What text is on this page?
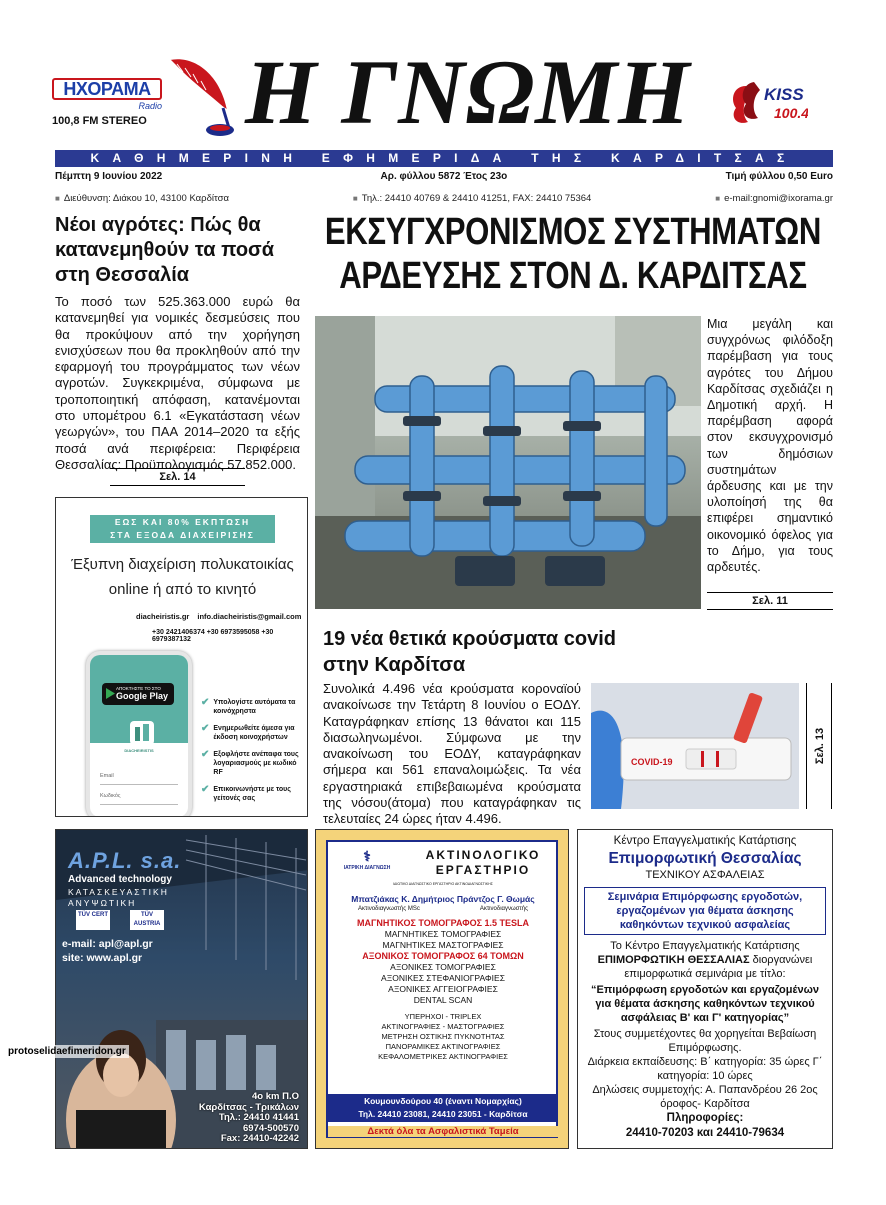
ΗΧΟΡΑΜΑ
Radio
100,8 FM STEREO Η ΓΝΩΜΗ	KISS
100.4
ΚΑΘΗΜΕΡΙΝΗ ΕΦΗΜΕΡΙΔΑ ΤΗΣ ΚΑΡΔΙΤΣΑΣ
Πέμπτη 9 Ιουνίου 2022	Αρ. φύλλου 5872 Έτος 23ο	Τιμή φύλλου 0,50 Euro
■ Διεύθυνση: Διάκου 10, 43100 Καρδίτσα	■ Τηλ.: 24410 40769 & 24410 41251, FAX: 24410 75364	■ e-mail:gnomi@ixorama.gr
Νέοι αγρότες: Πώς θα κατανεμηθούν τα ποσά στη Θεσσαλία
Το ποσό των 525.363.000 ευρώ θα κατανεμηθεί για νομικές δεσμεύσεις που θα προκύψουν από την χορήγηση ενισχύσεων που θα προκληθούν από την εφαρμογή του προγράμματος των νέων αγροτών. Συγκεκριμένα, σύμφωνα με τροποποιητική απόφαση, κατανέμονται στο υπομέτρου 6.1 «Εγκατάσταση νέων γεωργών», του ΠΑΑ 2014–2020 τα εξής ποσά ανά περιφέρεια: Περιφέρεια Θεσσαλίας: Προϋπολογισμός 57.852.000.
Σελ. 14
ΕΚΣΥΓΧΡΟΝΙΣΜΟΣ ΣΥΣΤΗΜΑΤΩΝ
ΑΡΔΕΥΣΗΣ ΣΤΟΝ Δ. ΚΑΡΔΙΤΣΑΣ
Μια μεγάλη και συγχρόνως φιλόδοξη παρέμβαση για τους αγρότες του Δήμου Καρδίτσας σχεδιάζει η Δημοτική αρχή. Η παρέμβαση αφορά στον εκσυγχρονισμό των δημόσιων συστημάτων άρδευσης και με την υλοποίησή της θα επιφέρει σημαντικό οικονομικό όφελος για το Δήμο, για τους αρδευτές.
Σελ. 11
ΕΩΣ ΚΑΙ 80% ΕΚΠΤΩΣΗ
ΣΤΑ ΕΞΟΔΑ ΔΙΑΧΕΙΡΙΣΗΣ
Έξυπνη διαχείριση πολυκατοικίας
online ή από το κινητό
diacheiristis.gr info.diacheiristis@gmail.com
+30 2421406374 +30 6973595058 +30 6979387132
ΑΠΟΚΤΗΣΤΕ ΤΟ ΣΤΟ
Google Play
DIACHEIRISTIS
Email
Κωδικός
✔ Υπολογίστε αυτόματα τα κοινόχρηστα
✔ Ενημερωθείτε άμεσα για έκδοση κοινοχρήστων
✔ Εξοφλήστε ανέπαφα τους λογαριασμούς με κωδικό RF
✔ Επικοινωνήστε με τους γείτονές σας
19 νέα θετικά κρούσματα covid στην Καρδίτσα
Συνολικά 4.496 νέα κρούσματα κοροναϊού ανακοίνωσε την Τετάρτη 8 Ιουνίου ο ΕΟΔΥ. Καταγράφηκαν επίσης 13 θάνατοι και 115 διασωληνωμένοι. Σύμφωνα με την ανακοίνωση του ΕΟΔΥ, καταγράφηκαν σήμερα και 561 επαναλοιμώξεις. Τα νέα εργαστηριακά επιβεβαιωμένα κρούσματα της νόσου(άτομα) που καταγράφηκαν τις τελευταίες 24 ώρες ήταν 4.496.
COVID-19	Σελ. 13
A.P.L. s.a.
Advanced technology
ΚΑΤΑΣΚΕΥΑΣΤΙΚΗ ΑΝΥΨΩΤΙΚΗ
TÜV CERT	TÜV AUSTRIA
e-mail: apl@apl.gr
site: www.apl.gr
4o km Π.Ο
Καρδίτσας - Τρικάλων
Τηλ.: 24410 41441
6974-500570
Fax: 24410-42242
⚕
ΙΑΤΡΙΚΗ ΔΙΑΓΝΩΣΗ
ΑΚΤΙΝΟΛΟΓΙΚΟ
ΕΡΓΑΣΤΗΡΙΟ
ΙΔΙΩΤΙΚΟ ΔΙΑΓΝΩΣΤΙΚΟ ΕΡΓΑΣΤΗΡΙΟ ΑΚΤΙΝΟΔΙΑΓΝΩΣΤΙΚΗΣ
Μπατζιάκας Κ. Δημήτριος Πράντζος Γ. Θωμάς
Ακτινοδιαγνωστής MSc	Ακτινοδιαγνωστής
ΜΑΓΝΗΤΙΚΟΣ ΤΟΜΟΓΡΑΦΟΣ 1.5 TESLA
ΜΑΓΝΗΤΙΚΕΣ ΤΟΜΟΓΡΑΦΙΕΣ
ΜΑΓΝΗΤΙΚΕΣ ΜΑΣΤΟΓΡΑΦΙΕΣ
ΑΞΟΝΙΚΟΣ ΤΟΜΟΓΡΑΦΟΣ 64 ΤΟΜΩΝ
ΑΞΟΝΙΚΕΣ ΤΟΜΟΓΡΑΦΙΕΣ
ΑΞΟΝΙΚΕΣ ΣΤΕΦΑΝΙΟΓΡΑΦΙΕΣ
ΑΞΟΝΙΚΕΣ ΑΓΓΕΙΟΓΡΑΦΙΕΣ
DENTAL SCAN
ΥΠΕΡΗΧΟΙ - TRIPLEX
ΑΚΤΙΝΟΓΡΑΦΙΕΣ - ΜΑΣΤΟΓΡΑΦΙΕΣ
ΜΕΤΡΗΣΗ ΟΣΤΙΚΗΣ ΠΥΚΝΟΤΗΤΑΣ
ΠΑΝΟΡΑΜΙΚΕΣ ΑΚΤΙΝΟΓΡΑΦΙΕΣ
ΚΕΦΑΛΟΜΕΤΡΙΚΕΣ ΑΚΤΙΝΟΓΡΑΦΙΕΣ
Κουμουνδούρου 40 (έναντι Νομαρχίας)
Τηλ. 24410 23081, 24410 23051 - Καρδίτσα
Δεκτά όλα τα Ασφαλιστικά Ταμεία
Κέντρο Επαγγελματικής Κατάρτισης
Επιμορφωτική Θεσσαλίας
ΤΕΧΝΙΚΟΥ ΑΣΦΑΛΕΙΑΣ
Σεμινάρια Επιμόρφωσης εργοδοτών, εργαζομένων για θέματα άσκησης καθηκόντων τεχνικού ασφαλείας
Το Κέντρο Επαγγελματικής Κατάρτισης ΕΠΙΜΟΡΦΩΤΙΚΗ ΘΕΣΣΑΛΙΑΣ διοργανώνει επιμορφωτικά σεμινάρια με τίτλο:
“Επιμόρφωση εργοδοτών και εργαζομένων για θέματα άσκησης καθηκόντων τεχνικού ασφάλειας Β' και Γ' κατηγορίας”
Στους συμμετέχοντες θα χορηγείται Βεβαίωση Επιμόρφωσης.
Διάρκεια εκπαίδευσης: Β΄ κατηγορία: 35 ώρες Γ΄ κατηγορία: 10 ώρες
Δηλώσεις συμμετοχής: Α. Παπανδρέου 26 2ος όροφος- Καρδίτσα
Πληροφορίες:
24410-70203 και 24410-79634
protoselidaefimeridon.gr
